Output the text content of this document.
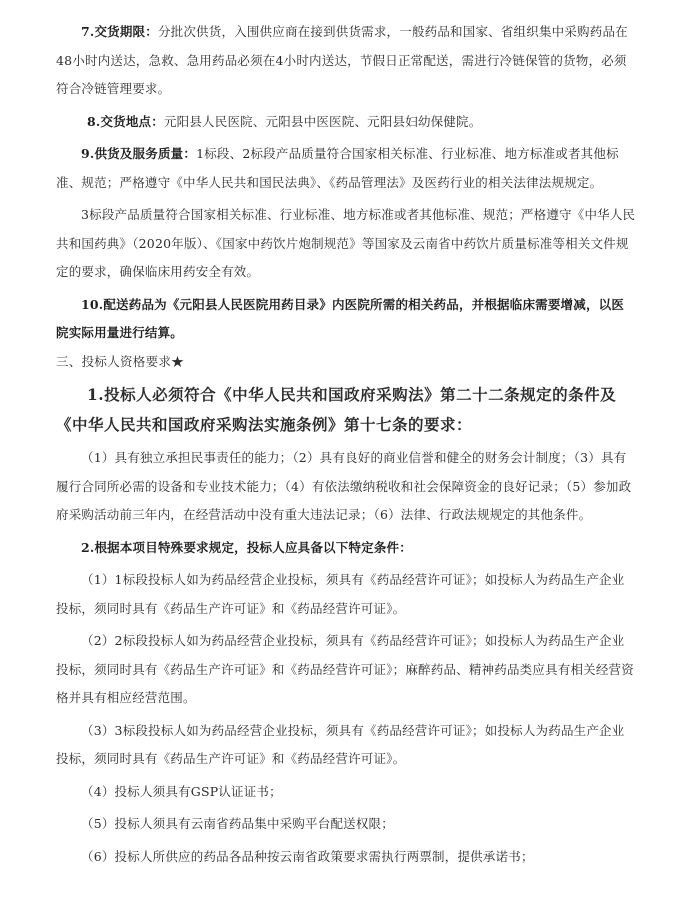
7.交货期限：分批次供货，入围供应商在接到供货需求，一般药品和国家、省组织集中采购药品在48小时内送达，急救、急用药品必须在4小时内送达，节假日正常配送，需进行冷链保管的货物，必须符合冷链管理要求。

8.交货地点：元阳县人民医院、元阳县中医医院、元阳县妇幼保健院。

9.供货及服务质量：1标段、2标段产品质量符合国家相关标准、行业标准、地方标准或者其他标准、规范；严格遵守《中华人民共和国民法典》、《药品管理法》及医药行业的相关法律法规规定。

3标段产品质量符合国家相关标准、行业标准、地方标准或者其他标准、规范；严格遵守《中华人民共和国药典》（2020年版）、《国家中药饮片炮制规范》等国家及云南省中药饮片质量标准等相关文件规定的要求，确保临床用药安全有效。

10.配送药品为《元阳县人民医院用药目录》内医院所需的相关药品，并根据临床需要增减，以医院实际用量进行结算。

三、投标人资格要求★

1.投标人必须符合《中华人民共和国政府采购法》第二十二条规定的条件及《中华人民共和国政府采购法实施条例》第十七条的要求：

（1）具有独立承担民事责任的能力；（2）具有良好的商业信誉和健全的财务会计制度；（3）具有履行合同所必需的设备和专业技术能力；（4）有依法缴纳税收和社会保障资金的良好记录；（5）参加政府采购活动前三年内，在经营活动中没有重大违法记录；（6）法律、行政法规规定的其他条件。

2.根据本项目特殊要求规定，投标人应具备以下特定条件：

（1）1标段投标人如为药品经营企业投标，须具有《药品经营许可证》；如投标人为药品生产企业投标，须同时具有《药品生产许可证》和《药品经营许可证》。

（2）2标段投标人如为药品经营企业投标，须具有《药品经营许可证》；如投标人为药品生产企业投标，须同时具有《药品生产许可证》和《药品经营许可证》；麻醉药品、精神药品类应具有相关经营资格并具有相应经营范围。

（3）3标段投标人如为药品经营企业投标，须具有《药品经营许可证》；如投标人为药品生产企业投标，须同时具有《药品生产许可证》和《药品经营许可证》。

（4）投标人须具有GSP认证证书；

（5）投标人须具有云南省药品集中采购平台配送权限；

（6）投标人所供应的药品各品种按云南省政策要求需执行两票制，提供承诺书；
